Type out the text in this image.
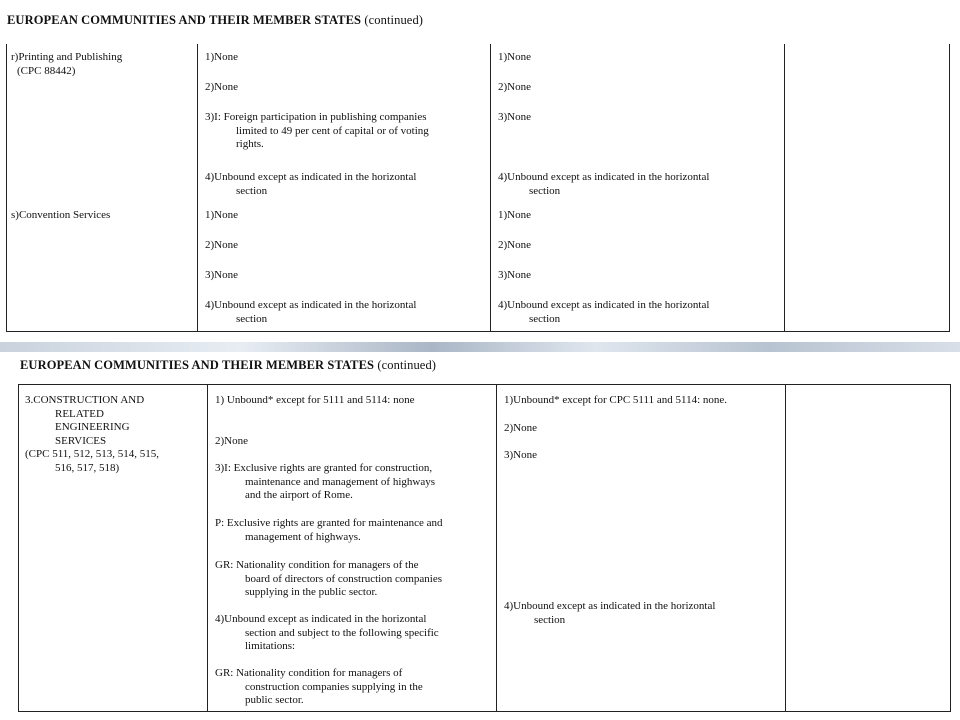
EUROPEAN COMMUNITIES AND THEIR MEMBER STATES (continued)
r)Printing and Publishing
(CPC 88442)
1)None
2)None
3)I: Foreign participation in publishing companies
limited to 49 per cent of capital or of voting
rights.
4)Unbound except as indicated in the horizontal
section
1)None
2)None
3)None
4)Unbound except as indicated in the horizontal
section
s)Convention Services	1)None
2)None
3)None
4)Unbound except as indicated in the horizontal
section
1)None
2)None
3)None
4)Unbound except as indicated in the horizontal
section
EUROPEAN COMMUNITIES AND THEIR MEMBER STATES (continued)
3.CONSTRUCTION AND
RELATED
ENGINEERING
SERVICES
(CPC 511, 512, 513, 514, 515,
516, 517, 518)
1) Unbound* except for 5111 and 5114: none
2)None
3)I: Exclusive rights are granted for construction,
maintenance and management of highways
and the airport of Rome.
P: Exclusive rights are granted for maintenance and
management of highways.
GR: Nationality condition for managers of the
board of directors of construction companies
supplying in the public sector.
4)Unbound except as indicated in the horizontal
section and subject to the following specific
limitations:
GR: Nationality condition for managers of
construction companies supplying in the
public sector.
1)Unbound* except for CPC 5111 and 5114: none.
2)None
3)None
4)Unbound except as indicated in the horizontal
section
